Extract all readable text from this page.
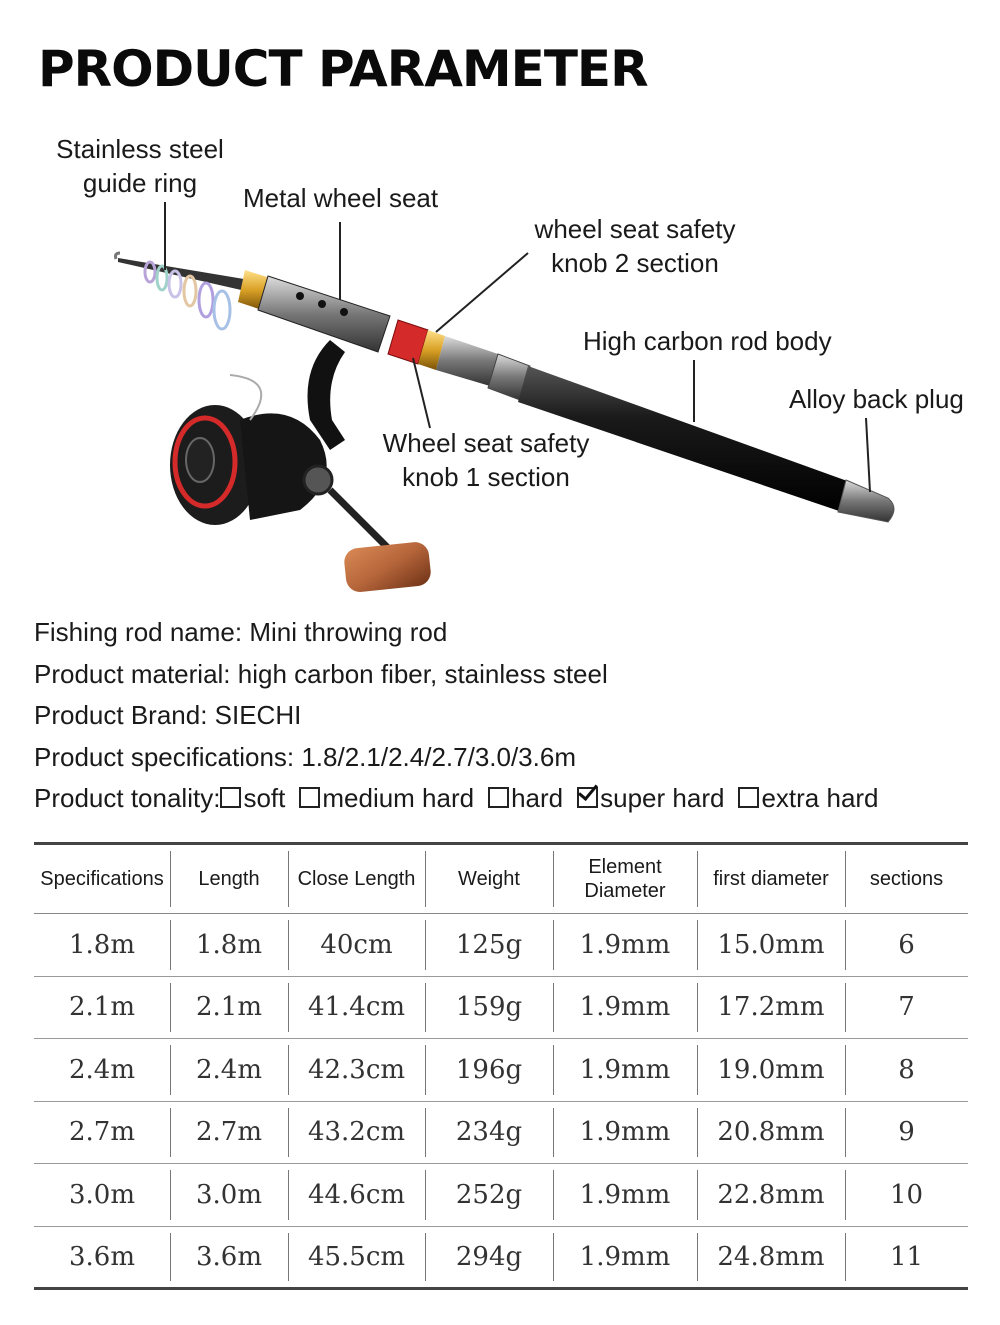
PRODUCT PARAMETER
Stainless steel
guide ring	Metal wheel seat
wheel seat safety
knob 2 section
High carbon rod body
Alloy back plug
Wheel seat safety
knob 1 section
Fishing rod name: Mini throwing rod
Product material: high carbon fiber, stainless steel
Product Brand: SIECHI
Product specifications: 1.8/2.1/2.4/2.7/3.0/3.6m
Product tonality: soft medium hard hard super hard extra hard
Specifications	Length	Close Length	Weight	Element Diameter	first diameter	sections
1.8m	1.8m	40cm	125g	1.9mm	15.0mm	6
2.1m	2.1m	41.4cm	159g	1.9mm	17.2mm	7
2.4m	2.4m	42.3cm	196g	1.9mm	19.0mm	8
2.7m	2.7m	43.2cm	234g	1.9mm	20.8mm	9
3.0m	3.0m	44.6cm	252g	1.9mm	22.8mm	10
3.6m	3.6m	45.5cm	294g	1.9mm	24.8mm	11
